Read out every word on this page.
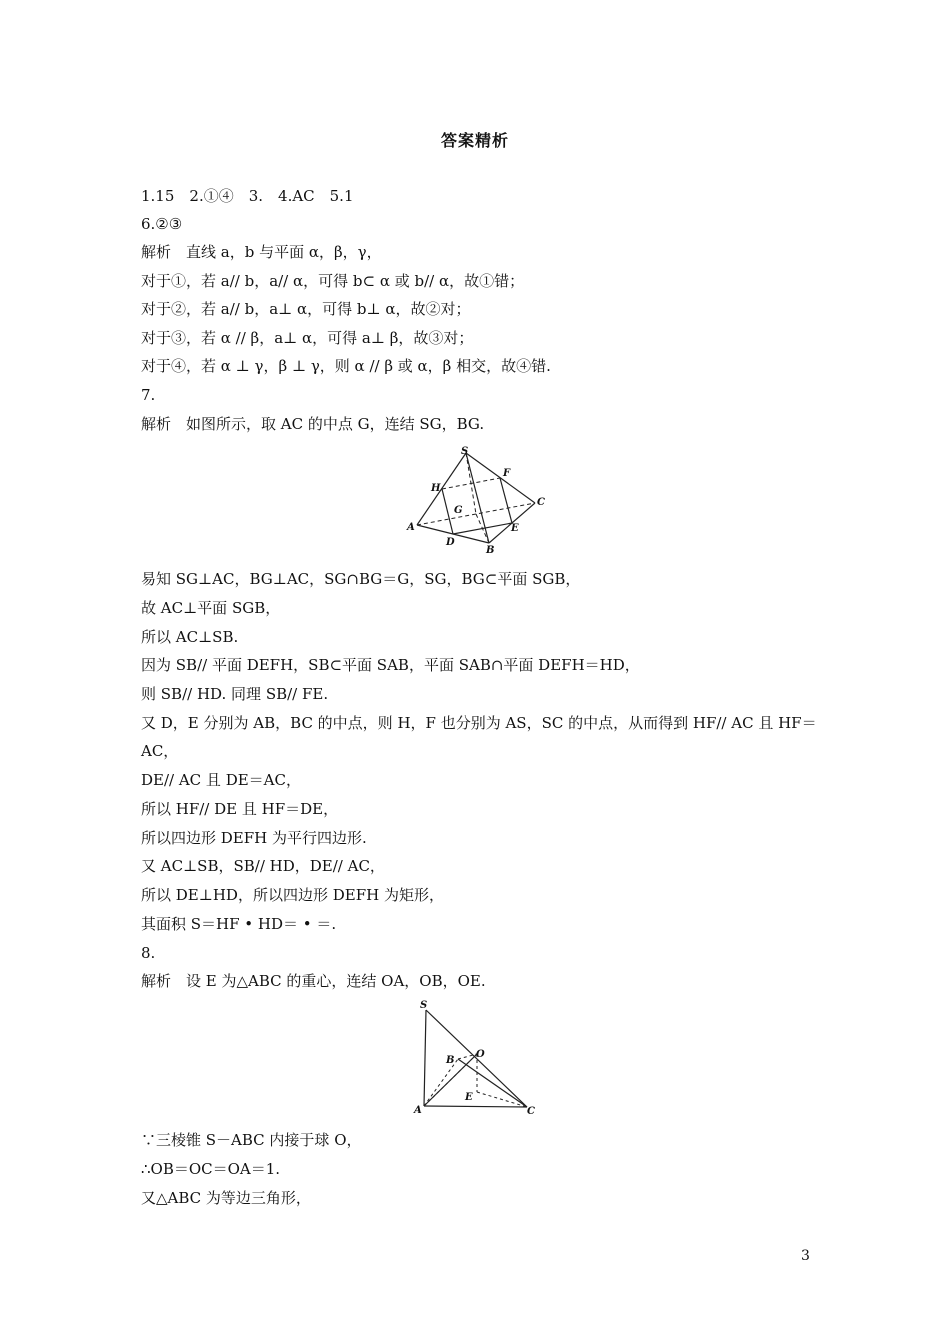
答案精析
1.15　2.①④　3.　4.AC　5.1
6.②③
解析　直线 a，b 与平面 α，β，γ，
对于①，若 a// b，a// α，可得 b⊂ α 或 b// α，故①错；
对于②，若 a// b，a⊥ α，可得 b⊥ α，故②对；
对于③，若 α // β，a⊥ α，可得 a⊥ β，故③对；
对于④，若 α ⊥ γ，β ⊥ γ，则 α // β 或 α，β 相交，故④错.
7.
解析　如图所示，取 AC 的中点 G，连结 SG，BG.
S
F
H
C
G
E
A
D
B
易知 SG⊥AC，BG⊥AC，SG∩BG＝G，SG，BG⊂平面 SGB，
故 AC⊥平面 SGB，
所以 AC⊥SB.
因为 SB// 平面 DEFH，SB⊂平面 SAB，平面 SAB∩平面 DEFH＝HD，
则 SB// HD. 同理 SB// FE.
又 D，E 分别为 AB，BC 的中点，则 H，F 也分别为 AS，SC 的中点，从而得到 HF// AC 且 HF＝
AC，
DE// AC 且 DE＝AC，
所以 HF// DE 且 HF＝DE，
所以四边形 DEFH 为平行四边形.
又 AC⊥SB，SB// HD，DE// AC，
所以 DE⊥HD，所以四边形 DEFH 为矩形，
其面积 S＝HF • HD＝ • ＝.
8.
解析　设 E 为△ABC 的重心，连结 OA，OB，OE.
S
B
O
E
A	C
∵三棱锥 S－ABC 内接于球 O，
∴OB＝OC＝OA＝1.
又△ABC 为等边三角形，
3
